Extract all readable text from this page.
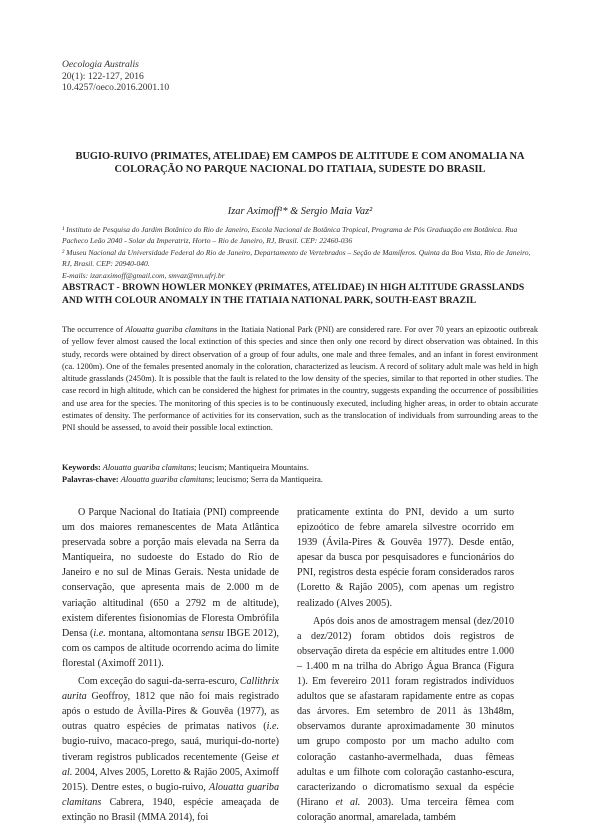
Oecologia Australis
20(1): 122-127, 2016
10.4257/oeco.2016.2001.10
BUGIO-RUIVO (PRIMATES, ATELIDAE) EM CAMPOS DE ALTITUDE E COM ANOMALIA NA COLORAÇÃO NO PARQUE NACIONAL DO ITATIAIA, SUDESTE DO BRASIL
Izar Aximoff¹* & Sergio Maia Vaz²
¹ Instituto de Pesquisa do Jardim Botânico do Rio de Janeiro, Escola Nacional de Botânica Tropical, Programa de Pós Graduação em Botânica. Rua Pacheco Leão 2040 - Solar da Imperatriz, Horto – Rio de Janeiro, RJ, Brasil. CEP: 22460-036
² Museu Nacional da Universidade Federal do Rio de Janeiro, Departamento de Vertebrados – Seção de Mamíferos. Quinta da Boa Vista, Rio de Janeiro, RJ, Brasil. CEP: 20940-040.
E-mails: izar.aximoff@gmail.com, smvaz@mn.ufrj.br
ABSTRACT - BROWN HOWLER MONKEY (PRIMATES, ATELIDAE) IN HIGH ALTITUDE GRASSLANDS AND WITH COLOUR ANOMALY IN THE ITATIAIA NATIONAL PARK, SOUTH-EAST BRAZIL
The occurrence of Alouatta guariba clamitans in the Itatiaia National Park (PNI) are considered rare. For over 70 years an epizootic outbreak of yellow fever almost caused the local extinction of this species and since then only one record by direct observation was obtained. In this study, records were obtained by direct observation of a group of four adults, one male and three females, and an infant in forest environment (ca. 1200m). One of the females presented anomaly in the coloration, characterized as leucism. A record of solitary adult male was held in high altitude grasslands (2450m). It is possible that the fault is related to the low density of the species, similar to that reported in other studies. The case record in high altitude, which can be considered the highest for primates in the country, suggests expanding the occurrence of possibilities and use area for the species. The monitoring of this species is to be continuously executed, including higher areas, in order to obtain accurate estimates of density. The performance of activities for its conservation, such as the translocation of individuals from surrounding areas to the PNI should be assessed, to avoid their possible local extinction.
Keywords: Alouatta guariba clamitans; leucism; Mantiqueira Mountains.
Palavras-chave: Alouatta guariba clamitans; leucismo; Serra da Mantiqueira.

O Parque Nacional do Itatiaia (PNI) compreende um dos maiores remanescentes de Mata Atlântica preservada sobre a porção mais elevada na Serra da Mantiqueira, no sudoeste do Estado do Rio de Janeiro e no sul de Minas Gerais. Nesta unidade de conservação, que apresenta mais de 2.000 m de variação altitudinal (650 a 2792 m de altitude), existem diferentes fisionomias de Floresta Ombrófila Densa (i.e. montana, altomontana sensu IBGE 2012), com os campos de altitude ocorrendo acima do limite florestal (Aximoff 2011).

Com exceção do sagui-da-serra-escuro, Callithrix aurita Geoffroy, 1812 que não foi mais registrado após o estudo de Àvilla-Pires & Gouvêa (1977), as outras quatro espécies de primatas nativos (i.e. bugio-ruivo, macaco-prego, sauá, muriqui-do-norte) tiveram registros publicados recentemente (Geise et al. 2004, Alves 2005, Loretto & Rajão 2005, Aximoff 2015). Dentre estes, o bugio-ruivo, Alouatta guariba clamitans Cabrera, 1940, espécie ameaçada de extinção no Brasil (MMA 2014), foi

praticamente extinta do PNI, devido a um surto epizoótico de febre amarela silvestre ocorrido em 1939 (Ávila-Pires & Gouvêa 1977). Desde então, apesar da busca por pesquisadores e funcionários do PNI, registros desta espécie foram considerados raros (Loretto & Rajão 2005), com apenas um registro realizado (Alves 2005).

Após dois anos de amostragem mensal (dez/2010 a dez/2012) foram obtidos dois registros de observação direta da espécie em altitudes entre 1.000 – 1.400 m na trilha do Abrigo Água Branca (Figura 1). Em fevereiro 2011 foram registrados indivíduos adultos que se afastaram rapidamente entre as copas das árvores. Em setembro de 2011 às 13h48m, observamos durante aproximadamente 30 minutos um grupo composto por um macho adulto com coloração castanho-avermelhada, duas fêmeas adultas e um filhote com coloração castanho-escura, caracterizando o dicromatismo sexual da espécie (Hirano et al. 2003). Uma terceira fêmea com coloração anormal, amarelada, também
